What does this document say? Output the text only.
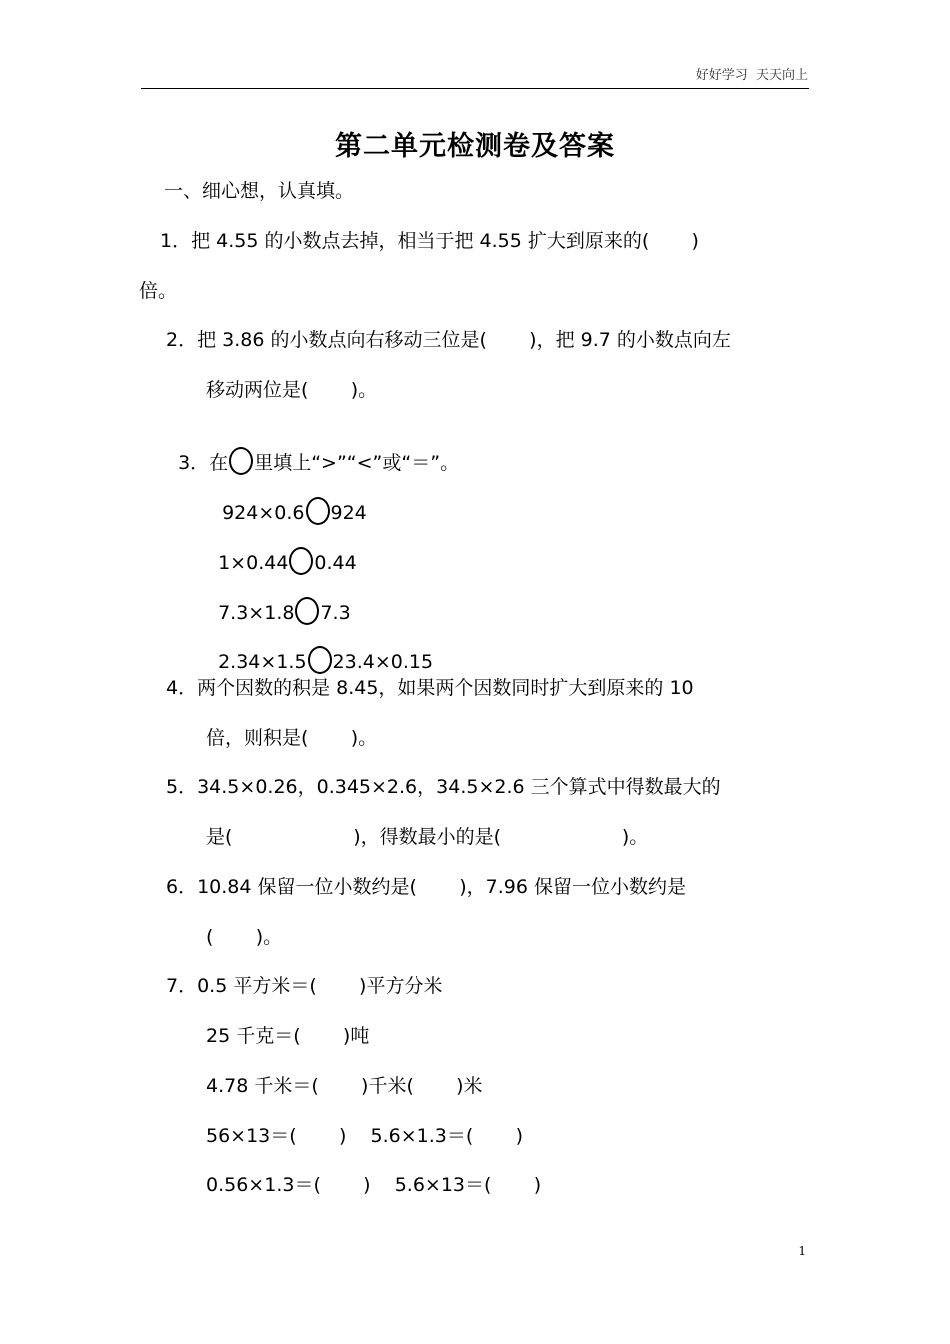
好好学习  天天向上
第二单元检测卷及答案
一、细心想，认真填。
1．把 4.55 的小数点去掉，相当于把 4.55 扩大到原来的(       )
倍。
2．把 3.86 的小数点向右移动三位是(       )，把 9.7 的小数点向左
移动两位是(       )。

3．在 里填上“>”“<”或“＝”。

924×0.6 924

1×0.44 0.44

7.3×1.8 7.3

2.34×1.5 23.4×0.15

4．两个因数的积是 8.45，如果两个因数同时扩大到原来的 10
倍，则积是(       )。
5．34.5×0.26，0.345×2.6，34.5×2.6 三个算式中得数最大的
是(                    )，得数最小的是(                    )。
6．10.84 保留一位小数约是(       )，7.96 保留一位小数约是
(       )。
7．0.5 平方米＝(       )平方分米
25 千克＝(       )吨
4.78 千米＝(       )千米(       )米
56×13＝(       )    5.6×1.3＝(       )
0.56×1.3＝(       )    5.6×13＝(       )
1
